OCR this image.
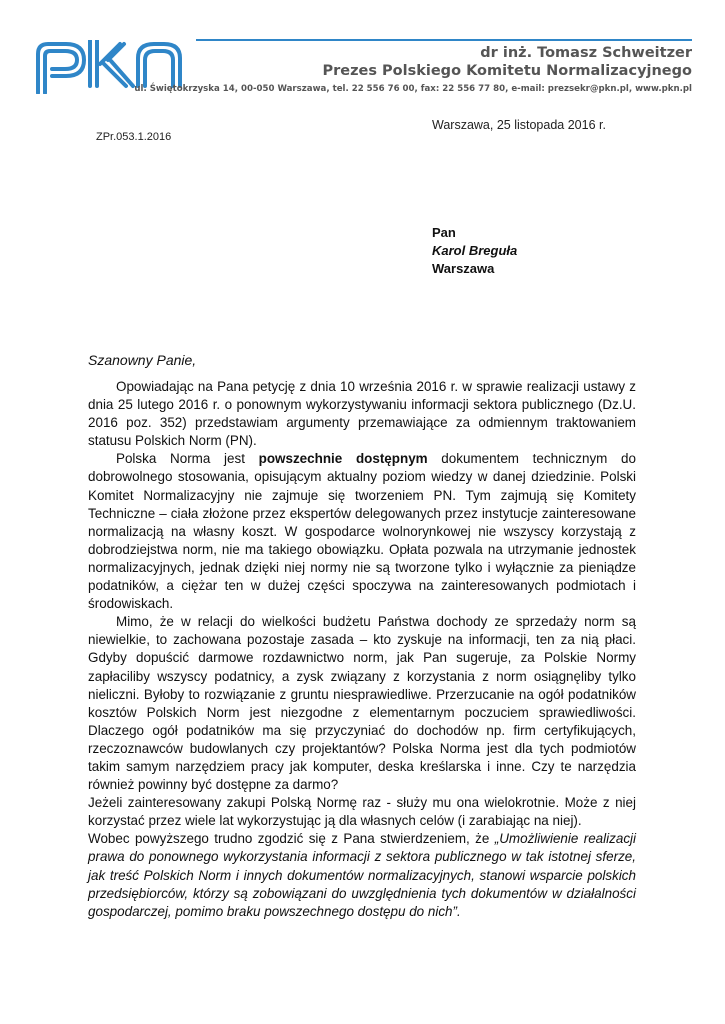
PKN
dr inż. Tomasz Schweitzer
Prezes Polskiego Komitetu Normalizacyjnego
ul. Świętokrzyska 14, 00-050 Warszawa, tel. 22 556 76 00, fax: 22 556 77 80, e-mail: prezsekr@pkn.pl, www.pkn.pl
Warszawa, 25 listopada 2016 r.
ZPr.053.1.2016
Pan
Karol Breguła
Warszawa
Szanowny Panie,

Opowiadając na Pana petycję z dnia 10 września 2016 r. w sprawie realizacji ustawy z dnia 25 lutego 2016 r. o ponownym wykorzystywaniu informacji sektora publicznego (Dz.U. 2016 poz. 352) przedstawiam argumenty przemawiające za odmiennym traktowaniem statusu Polskich Norm (PN).

Polska Norma jest powszechnie dostępnym dokumentem technicznym do dobrowolnego stosowania, opisującym aktualny poziom wiedzy w danej dziedzinie. Polski Komitet Normalizacyjny nie zajmuje się tworzeniem PN. Tym zajmują się Komitety Techniczne – ciała złożone przez ekspertów delegowanych przez instytucje zainteresowane normalizacją na własny koszt. W gospodarce wolnorynkowej nie wszyscy korzystają z dobrodziejstwa norm, nie ma takiego obowiązku. Opłata pozwala na utrzymanie jednostek normalizacyjnych, jednak dzięki niej normy nie są tworzone tylko i wyłącznie za pieniądze podatników, a ciężar ten w dużej części spoczywa na zainteresowanych podmiotach i środowiskach.

Mimo, że w relacji do wielkości budżetu Państwa dochody ze sprzedaży norm są niewielkie, to zachowana pozostaje zasada – kto zyskuje na informacji, ten za nią płaci. Gdyby dopuścić darmowe rozdawnictwo norm, jak Pan sugeruje, za Polskie Normy zapłaciliby wszyscy podatnicy, a zysk związany z korzystania z norm osiągnęliby tylko nieliczni. Byłoby to rozwiązanie z gruntu niesprawiedliwe. Przerzucanie na ogół podatników kosztów Polskich Norm jest niezgodne z elementarnym poczuciem sprawiedliwości. Dlaczego ogół podatników ma się przyczyniać do dochodów np. firm certyfikujących, rzeczoznawców budowlanych czy projektantów? Polska Norma jest dla tych podmiotów takim samym narzędziem pracy jak komputer, deska kreślarska i inne. Czy te narzędzia również powinny być dostępne za darmo?

Jeżeli zainteresowany zakupi Polską Normę raz - służy mu ona wielokrotnie. Może z niej korzystać przez wiele lat wykorzystując ją dla własnych celów (i zarabiając na niej).

Wobec powyższego trudno zgodzić się z Pana stwierdzeniem, że „Umożliwienie realizacji prawa do ponownego wykorzystania informacji z sektora publicznego w tak istotnej sferze, jak treść Polskich Norm i innych dokumentów normalizacyjnych, stanowi wsparcie polskich przedsiębiorców, którzy są zobowiązani do uwzględnienia tych dokumentów w działalności gospodarczej, pomimo braku powszechnego dostępu do nich”.
